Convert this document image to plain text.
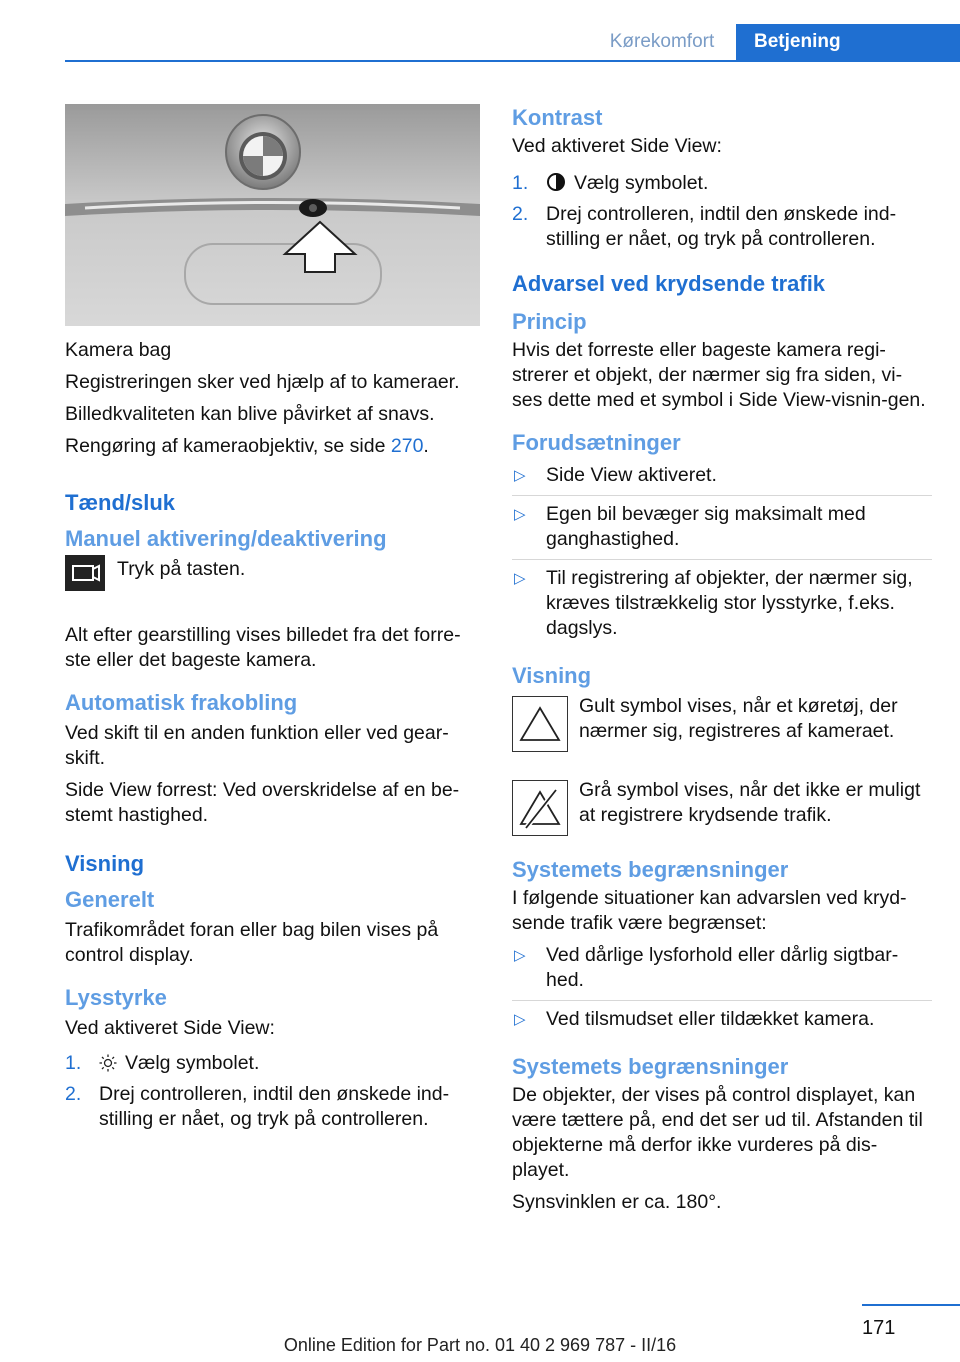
Kørekomfort	Betjening

Kamera bag

Registreringen sker ved hjælp af to kameraer.

Billedkvaliteten kan blive påvirket af snavs.

Rengøring af kameraobjektiv, se side 270.

Tænd/sluk
Manuel aktivering/deaktivering
Tryk på tasten.

Alt efter gearstilling vises billedet fra det forre-ste eller det bageste kamera.

Automatisk frakobling

Ved skift til en anden funktion eller ved gear-skift.

Side View forrest: Ved overskridelse af en be-stemt hastighed.

Visning
Generelt

Trafikområdet foran eller bag bilen vises på control display.

Lysstyrke

Ved aktiveret Side View:

1. Vælg symbolet.
2. Drej controlleren, indtil den ønskede ind-stilling er nået, og tryk på controlleren.
Kontrast

Ved aktiveret Side View:

1. Vælg symbolet.
2. Drej controlleren, indtil den ønskede ind-stilling er nået, og tryk på controlleren.
Advarsel ved krydsende trafik
Princip

Hvis det forreste eller bageste kamera regi-strerer et objekt, der nærmer sig fra siden, vi-ses dette med et symbol i Side View-visnin-gen.

Forudsætninger
▷ Side View aktiveret.
▷ Egen bil bevæger sig maksimalt med ganghastighed.
▷ Til registrering af objekter, der nærmer sig, kræves tilstrækkelig stor lysstyrke, f.eks. dagslys.
Visning
Gult symbol vises, når et køretøj, der nærmer sig, registreres af kameraet.
Grå symbol vises, når det ikke er muligt at registrere krydsende trafik.
Systemets begrænsninger

I følgende situationer kan advarslen ved kryd-sende trafik være begrænset:

▷ Ved dårlige lysforhold eller dårlig sigtbar-hed.
▷ Ved tilsmudset eller tildækket kamera.
Systemets begrænsninger

De objekter, der vises på control displayet, kan være tættere på, end det ser ud til. Afstanden til objekterne må derfor ikke vurderes på dis-playet.

Synsvinklen er ca. 180°.

171
Online Edition for Part no. 01 40 2 969 787 - II/16
